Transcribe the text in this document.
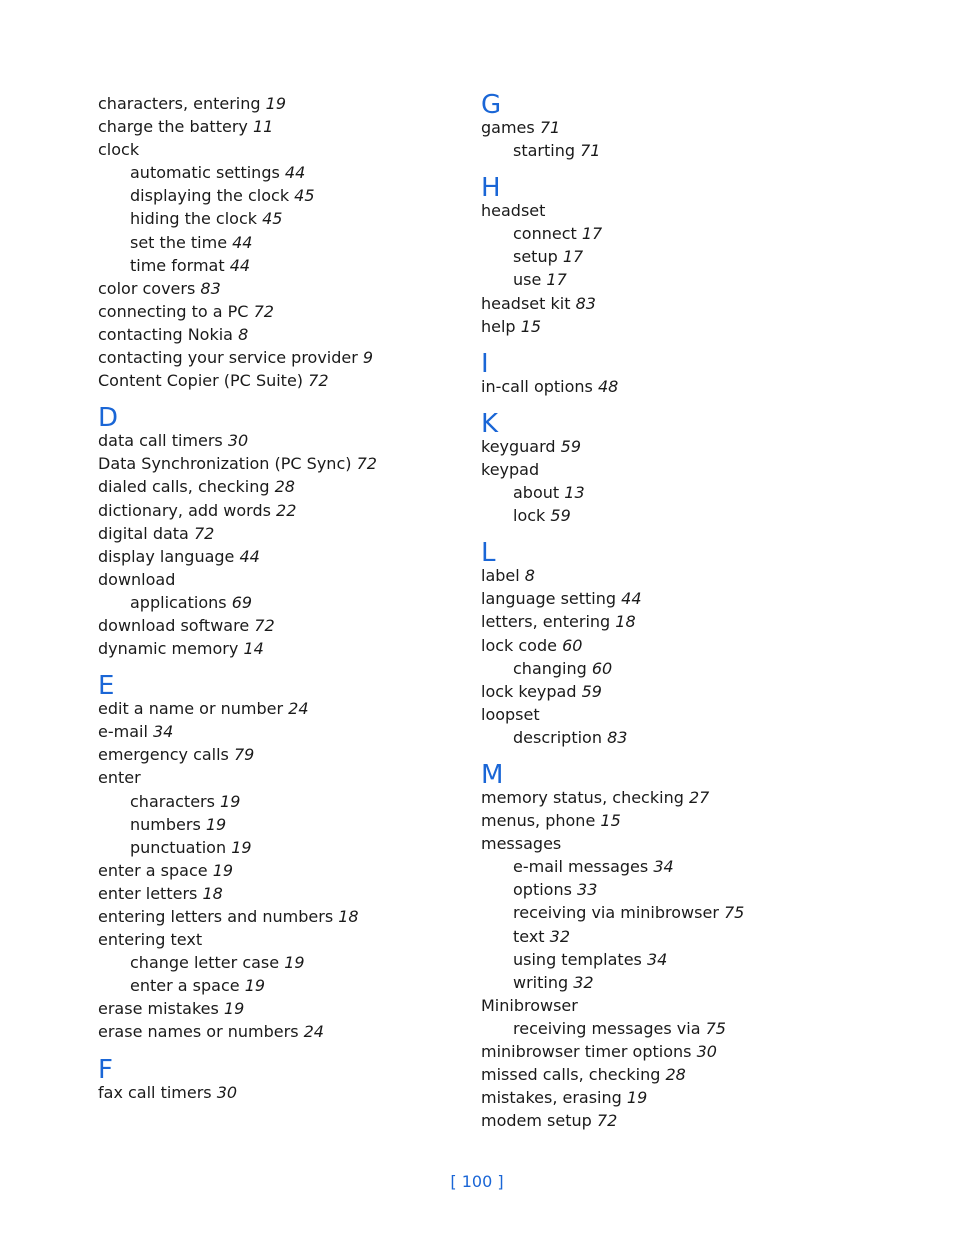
characters, entering 19
charge the battery 11
clock
automatic settings 44
displaying the clock 45
hiding the clock 45
set the time 44
time format 44
color covers 83
connecting to a PC 72
contacting Nokia 8
contacting your service provider 9
Content Copier (PC Suite) 72
D
data call timers 30
Data Synchronization (PC Sync) 72
dialed calls, checking 28
dictionary, add words 22
digital data 72
display language 44
download
applications 69
download software 72
dynamic memory 14
E
edit a name or number 24
e-mail 34
emergency calls 79
enter
characters 19
numbers 19
punctuation 19
enter a space 19
enter letters 18
entering letters and numbers 18
entering text
change letter case 19
enter a space 19
erase mistakes 19
erase names or numbers 24
F
fax call timers 30
G
games 71
starting 71
H
headset
connect 17
setup 17
use 17
headset kit 83
help 15
I
in-call options 48
K
keyguard 59
keypad
about 13
lock 59
L
label 8
language setting 44
letters, entering 18
lock code 60
changing 60
lock keypad 59
loopset
description 83
M
memory status, checking 27
menus, phone 15
messages
e-mail messages 34
options 33
receiving via minibrowser 75
text 32
using templates 34
writing 32
Minibrowser
receiving messages via 75
minibrowser timer options 30
missed calls, checking 28
mistakes, erasing 19
modem setup 72
[ 100 ]
